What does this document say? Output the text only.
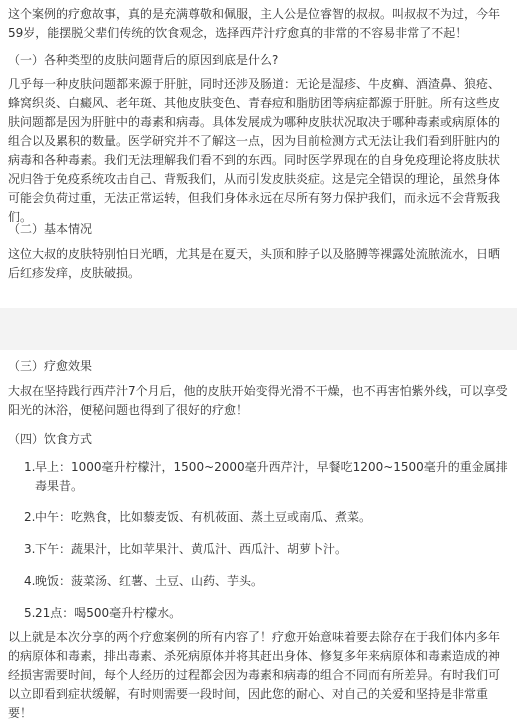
这个案例的疗愈故事，真的是充满尊敬和佩服，主人公是位睿智的叔叔。叫叔叔不为过，今年59岁，能摆脱父辈们传统的饮食观念，选择西芹汁疗愈真的非常的不容易非常了不起！

（一）各种类型的皮肤问题背后的原因到底是什么?

几乎每一种皮肤问题都来源于肝脏，同时还涉及肠道：无论是湿疹、牛皮癣、酒渣鼻、狼疮、蜂窝织炎、白癜风、老年斑、其他皮肤变色、青春痘和脂肪团等病症都源于肝脏。所有这些皮肤问题都是因为肝脏中的毒素和病毒。具体发展成为哪种皮肤状况取决于哪种毒素或病原体的组合以及累积的数量。医学研究并不了解这一点，因为目前检测方式无法让我们看到肝脏内的病毒和各种毒素。我们无法理解我们看不到的东西。同时医学界现在的自身免疫理论将皮肤状况归咎于免疫系统攻击自己、背叛我们，从而引发皮肤炎症。这是完全错误的理论，虽然身体可能会负荷过重，无法正常运转，但我们身体永远在尽所有努力保护我们，而永远不会背叛我们。

（二）基本情况

这位大叔的皮肤特别怕日光晒，尤其是在夏天，头顶和脖子以及胳膊等裸露处流脓流水，日晒后红疹发痒，皮肤破损。

（三）疗愈效果

大叔在坚持践行西芹汁7个月后，他的皮肤开始变得光滑不干燥，也不再害怕紫外线，可以享受阳光的沐浴，便秘问题也得到了很好的疗愈！

（四）饮食方式

1. 早上：1000毫升柠檬汁，1500~2000毫升西芹汁，早餐吃1200~1500毫升的重金属排毒果昔。
2. 中午：吃熟食，比如藜麦饭、有机莜面、蒸土豆或南瓜、煮菜。
3. 下午：蔬果汁，比如苹果汁、黄瓜汁、西瓜汁、胡萝卜汁。
4. 晚饭：菠菜汤、红薯、土豆、山药、芋头。
5. 21点：喝500毫升柠檬水。

以上就是本次分享的两个疗愈案例的所有内容了！疗愈开始意味着要去除存在于我们体内多年的病原体和毒素，排出毒素、杀死病原体并将其赶出身体、修复多年来病原体和毒素造成的神经损害需要时间，每个人经历的过程都会因为毒素和病毒的组合不同而有所差异。有时我们可以立即看到症状缓解，有时则需要一段时间，因此您的耐心、对自己的关爱和坚持是非常重要！
